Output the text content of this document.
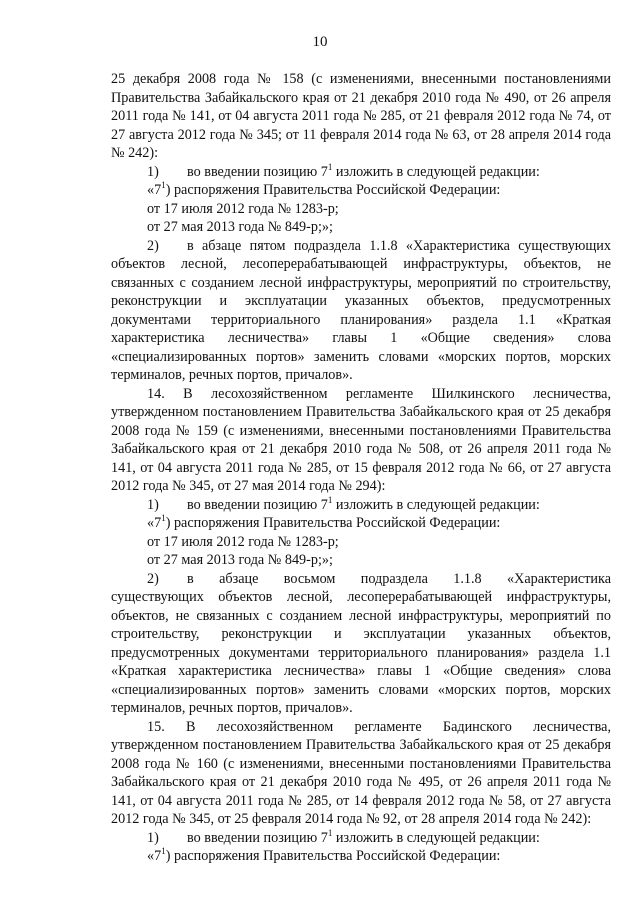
10

25 декабря 2008 года № 158 (с изменениями, внесенными постановлениями Правительства Забайкальского края от 21 декабря 2010 года № 490, от 26 апреля 2011 года № 141, от 04 августа 2011 года № 285, от 21 февраля 2012 года № 74, от 27 августа 2012 года № 345; от 11 февраля 2014 года № 63, от 28 апреля 2014 года № 242):

1) во введении позицию $7^1$ изложить в следующей редакции:

«$7^1$) распоряжения Правительства Российской Федерации:

от 17 июля 2012 года № 1283-р;

от 27 мая 2013 года № 849-р;»;

2) в абзаце пятом подраздела 1.1.8 «Характеристика существующих

объектов лесной, лесоперерабатывающей инфраструктуры, объектов, не связанных с созданием лесной инфраструктуры, мероприятий по строительству, реконструкции и эксплуатации указанных объектов, предусмотренных документами территориального планирования» раздела 1.1 «Краткая характеристика лесничества» главы 1 «Общие сведения» слова «специализированных портов» заменить словами «морских портов, морских терминалов, речных портов, причалов».

14. В лесохозяйственном регламенте Шилкинского лесничества, утвержденном постановлением Правительства Забайкальского края от 25 декабря 2008 года № 159 (с изменениями, внесенными постановлениями Правительства Забайкальского края от 21 декабря 2010 года № 508, от 26 апреля 2011 года № 141, от 04 августа 2011 года № 285, от 15 февраля 2012 года № 66, от 27 августа 2012 года № 345, от 27 мая 2014 года № 294):

1) во введении позицию $7^1$ изложить в следующей редакции:

«$7^1$) распоряжения Правительства Российской Федерации:

от 17 июля 2012 года № 1283-р;

от 27 мая 2013 года № 849-р;»;

2) в абзаце восьмом подраздела 1.1.8 «Характеристика

существующих объектов лесной, лесоперерабатывающей инфраструктуры, объектов, не связанных с созданием лесной инфраструктуры, мероприятий по строительству, реконструкции и эксплуатации указанных объектов, предусмотренных документами территориального планирования» раздела 1.1 «Краткая характеристика лесничества» главы 1 «Общие сведения» слова «специализированных портов» заменить словами «морских портов, морских терминалов, речных портов, причалов».

15. В лесохозяйственном регламенте Бадинского лесничества, утвержденном постановлением Правительства Забайкальского края от 25 декабря 2008 года № 160 (с изменениями, внесенными постановлениями Правительства Забайкальского края от 21 декабря 2010 года № 495, от 26 апреля 2011 года № 141, от 04 августа 2011 года № 285, от 14 февраля 2012 года № 58, от 27 августа 2012 года № 345, от 25 февраля 2014 года № 92, от 28 апреля 2014 года № 242):

1) во введении позицию $7^1$ изложить в следующей редакции:

«$7^1$) распоряжения Правительства Российской Федерации:
